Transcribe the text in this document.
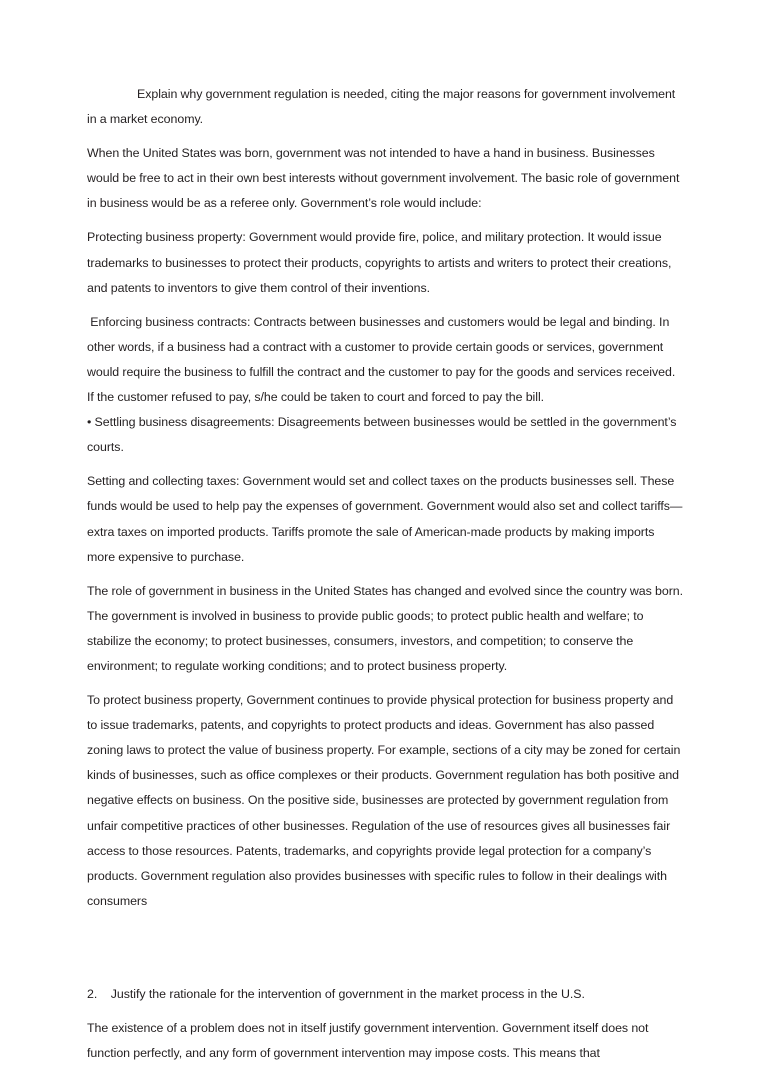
Explain why government regulation is needed, citing the major reasons for government involvement in a market economy.

When the United States was born, government was not intended to have a hand in business. Businesses would be free to act in their own best interests without government involvement. The basic role of government in business would be as a referee only. Government’s role would include:

Protecting business property: Government would provide fire, police, and military protection. It would issue trademarks to businesses to protect their products, copyrights to artists and writers to protect their creations, and patents to inventors to give them control of their inventions.

Enforcing business contracts: Contracts between businesses and customers would be legal and binding. In other words, if a business had a contract with a customer to provide certain goods or services, government would require the business to fulfill the contract and the customer to pay for the goods and services received. If the customer refused to pay, s/he could be taken to court and forced to pay the bill.

• Settling business disagreements: Disagreements between businesses would be settled in the government’s courts.

Setting and collecting taxes: Government would set and collect taxes on the products businesses sell. These funds would be used to help pay the expenses of government. Government would also set and collect tariffs—extra taxes on imported products. Tariffs promote the sale of American-made products by making imports more expensive to purchase.

The role of government in business in the United States has changed and evolved since the country was born. The government is involved in business to provide public goods; to protect public health and welfare; to stabilize the economy; to protect businesses, consumers, investors, and competition; to conserve the environment; to regulate working conditions; and to protect business property.

To protect business property, Government continues to provide physical protection for business property and to issue trademarks, patents, and copyrights to protect products and ideas. Government has also passed zoning laws to protect the value of business property. For example, sections of a city may be zoned for certain kinds of businesses, such as office complexes or their products. Government regulation has both positive and negative effects on business. On the positive side, businesses are protected by government regulation from unfair competitive practices of other businesses. Regulation of the use of resources gives all businesses fair access to those resources. Patents, trademarks, and copyrights provide legal protection for a company’s products. Government regulation also provides businesses with specific rules to follow in their dealings with consumers

2.	Justify the rationale for the intervention of government in the market process in the U.S.

The existence of a problem does not in itself justify government intervention. Government itself does not function perfectly, and any form of government intervention may impose costs. This means that
